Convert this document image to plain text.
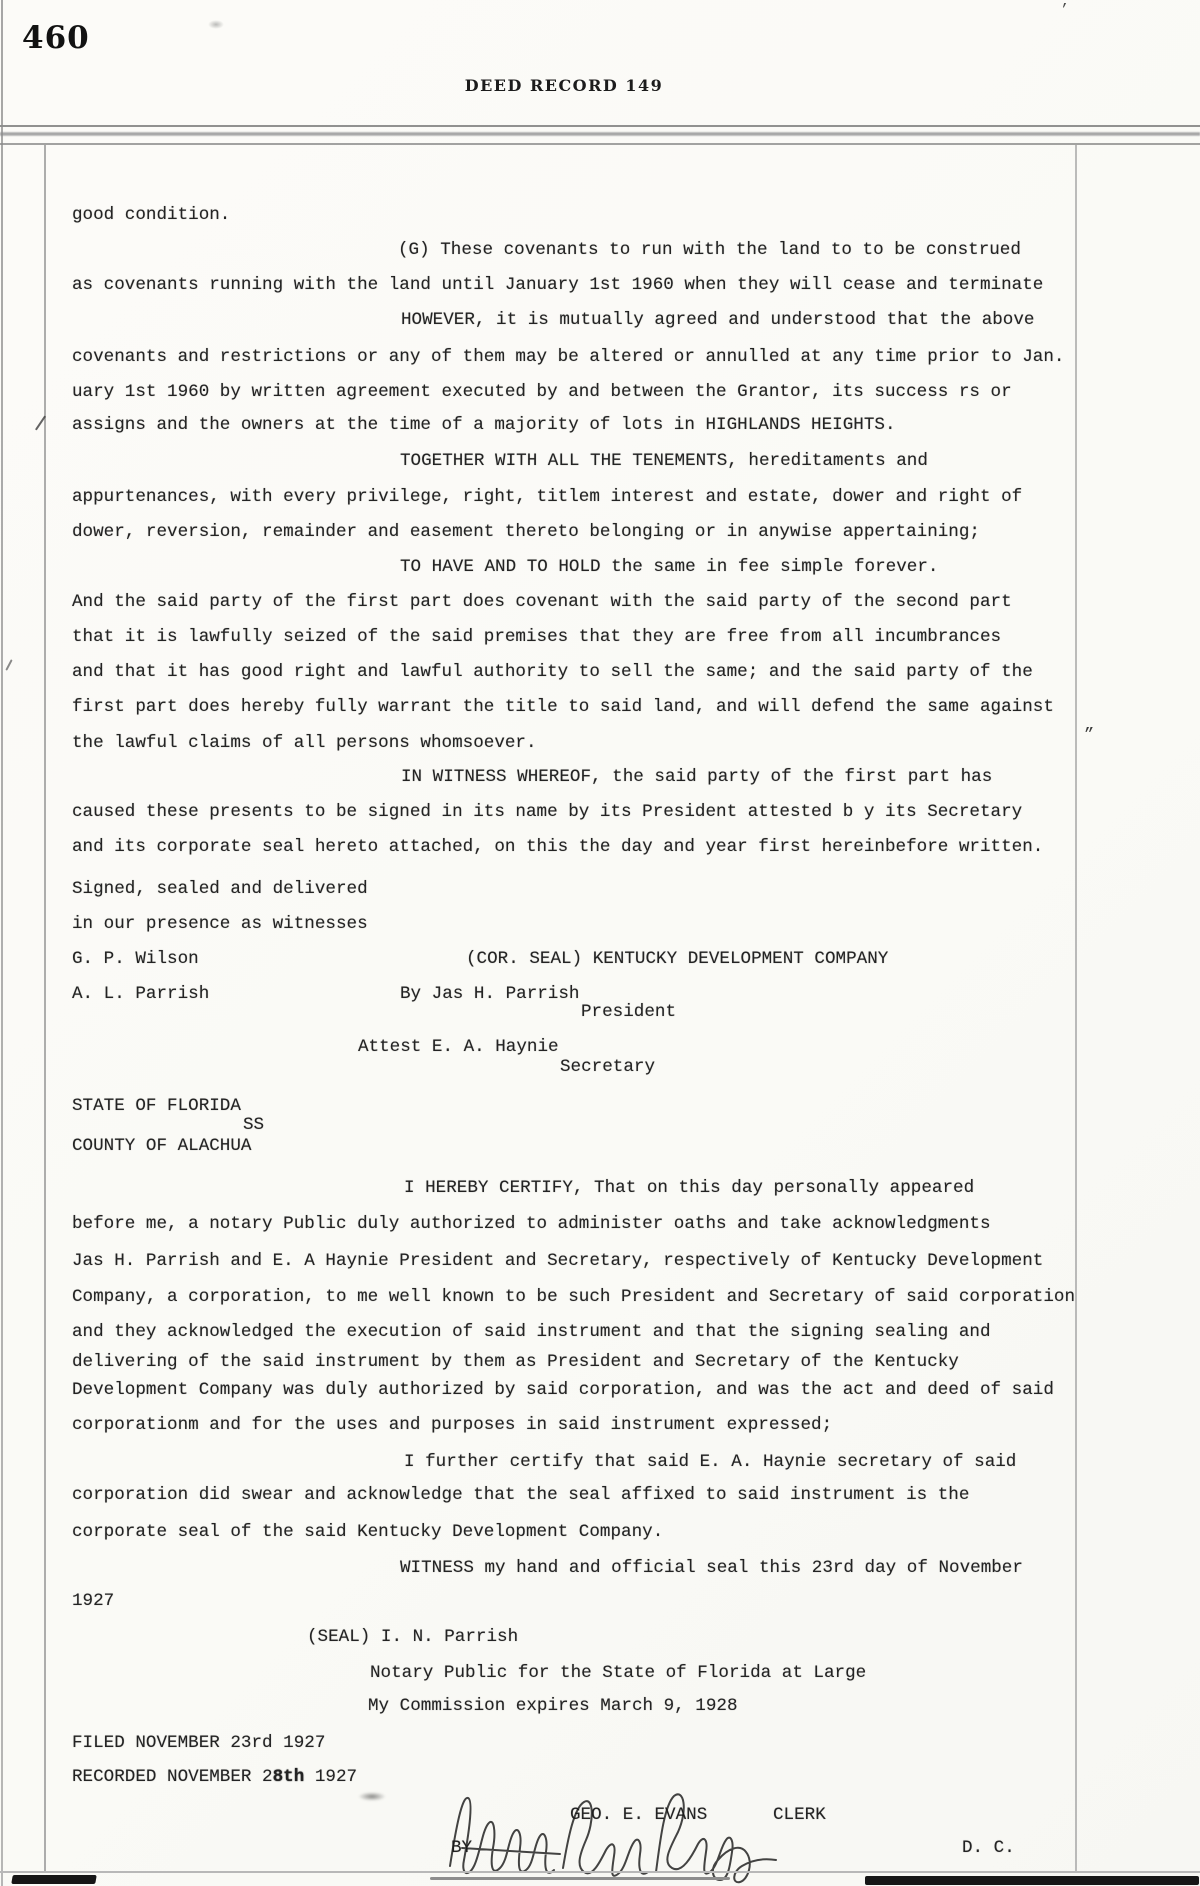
460
DEED RECORD 149
good condition.
(G) These covenants to run with the land to to be construed
as covenants running with the land until January 1st 1960 when they will cease and terminate
HOWEVER, it is mutually agreed and understood that the above
covenants and restrictions or any of them may be altered or annulled at any time prior to Jan.
uary 1st 1960 by written agreement executed by and between the Grantor, its success rs or
assigns and the owners at the time of a majority of lots in HIGHLANDS HEIGHTS.
TOGETHER WITH ALL THE TENEMENTS, hereditaments and
appurtenances, with every privilege, right, titlem interest and estate, dower and right of
dower, reversion, remainder and easement thereto belonging or in anywise appertaining;
TO HAVE AND TO HOLD the same in fee simple forever.
And the said party of the first part does covenant with the said party of the second part
that it is lawfully seized of the said premises that they are free from all incumbrances
and that it has good right and lawful authority to sell the same; and the said party of the
first part does hereby fully warrant the title to said land, and will defend the same against
the lawful claims of all persons whomsoever.
IN WITNESS WHEREOF, the said party of the first part has
caused these presents to be signed in its name by its President attested b y its Secretary
and its corporate seal hereto attached, on this the day and year first hereinbefore written.
Signed, sealed and delivered
in our presence as witnesses
G. P. Wilson	(COR. SEAL) KENTUCKY DEVELOPMENT COMPANY
A. L. Parrish	By Jas H. Parrish
President
Attest E. A. Haynie
Secretary
STATE OF FLORIDA
SS
COUNTY OF ALACHUA
I HEREBY CERTIFY, That on this day personally appeared
before me, a notary Public duly authorized to administer oaths and take acknowledgments
Jas H. Parrish and E. A Haynie President and Secretary, respectively of Kentucky Development
Company, a corporation, to me well known to be such President and Secretary of said corporation
and they acknowledged the execution of said instrument and that the signing sealing and
delivering of the said instrument by them as President and Secretary of the Kentucky
Development Company was duly authorized by said corporation, and was the act and deed of said
corporationm and for the uses and purposes in said instrument expressed;
I further certify that said E. A. Haynie secretary of said
corporation did swear and acknowledge that the seal affixed to said instrument is the
corporate seal of the said Kentucky Development Company.
WITNESS my hand and official seal this 23rd day of November
1927
(SEAL) I. N. Parrish
Notary Public for the State of Florida at Large
My Commission expires March 9, 1928
FILED NOVEMBER 23rd 1927
RECORDED NOVEMBER 28th 1927
GEO. E. EVANS	CLERK
BY	D. C.
”
’
